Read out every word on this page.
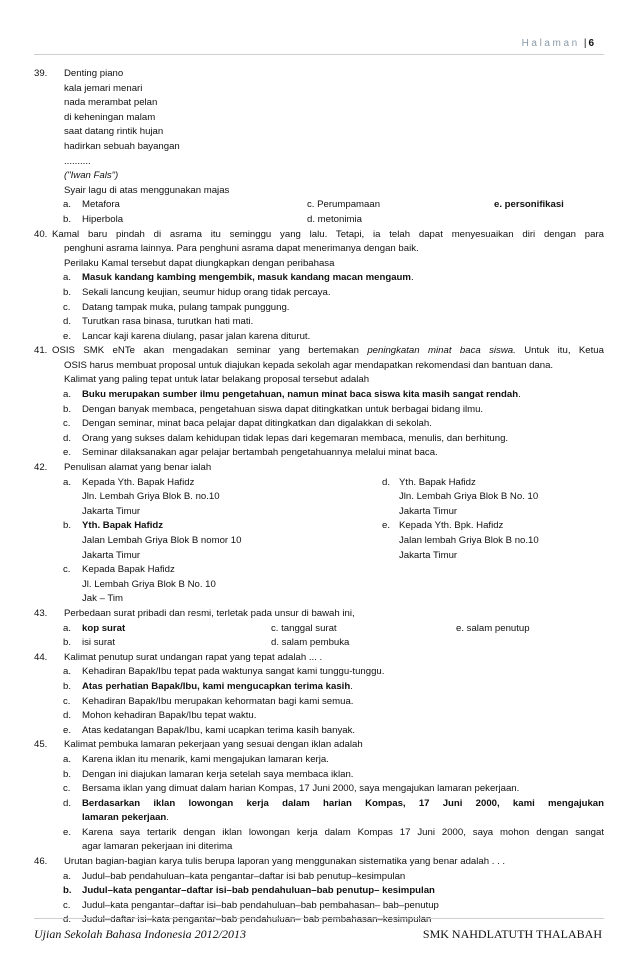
Halaman | 6
39. Denting piano
kala jemari menari
nada merambat pelan
di keheningan malam
saat datang rintik hujan
hadirkan sebuah bayangan
..........
("Iwan Fals")
Syair lagu di atas menggunakan majas
a. Metafora	c. Perumpamaan	e. personifikasi
b. Hiperbola	d. metonimia
40. Kamal baru pindah di asrama itu seminggu yang lalu. Tetapi, ia telah dapat menyesuaikan diri dengan para
penghuni asrama lainnya. Para penghuni asrama dapat menerimanya dengan baik.
Perilaku Kamal tersebut dapat diungkapkan dengan peribahasa
a. Masuk kandang kambing mengembik, masuk kandang macan mengaum.
b. Sekali lancung keujian, seumur hidup orang tidak percaya.
c. Datang tampak muka, pulang tampak punggung.
d. Turutkan rasa binasa, turutkan hati mati.
e. Lancar kaji karena diulang, pasar jalan karena diturut.
41. OSIS SMK eNTe akan mengadakan seminar yang bertemakan peningkatan minat baca siswa. Untuk itu, Ketua
OSIS harus membuat proposal untuk diajukan kepada sekolah agar mendapatkan rekomendasi dan bantuan dana.
Kalimat yang paling tepat untuk latar belakang proposal tersebut adalah
a. Buku merupakan sumber ilmu pengetahuan, namun minat baca siswa kita masih sangat rendah.
b. Dengan banyak membaca, pengetahuan siswa dapat ditingkatkan untuk berbagai bidang ilmu.
c. Dengan seminar, minat baca pelajar dapat ditingkatkan dan digalakkan di sekolah.
d. Orang yang sukses dalam kehidupan tidak lepas dari kegemaran membaca, menulis, dan berhitung.
e. Seminar dilaksanakan agar pelajar bertambah pengetahuannya melalui minat baca.
42. Penulisan alamat yang benar ialah
a. Kepada Yth. Bapak Hafidz	d. Yth. Bapak Hafidz
Jln. Lembah Griya Blok B. no.10	Jln. Lembah Griya Blok B No. 10
Jakarta Timur	Jakarta Timur
b. Yth. Bapak Hafidz	e. Kepada Yth. Bpk. Hafidz
Jalan Lembah Griya Blok B nomor 10	Jalan lembah Griya Blok B no.10
Jakarta Timur	Jakarta Timur
c. Kepada Bapak Hafidz
Jl. Lembah Griya Blok B No. 10
Jak – Tim
43. Perbedaan surat pribadi dan resmi, terletak pada unsur di bawah ini,
a. kop surat	c. tanggal surat	e. salam penutup
b. isi surat	d. salam pembuka
44. Kalimat penutup surat undangan rapat yang tepat adalah ... .
a. Kehadiran Bapak/Ibu tepat pada waktunya sangat kami tunggu-tunggu.
b. Atas perhatian Bapak/Ibu, kami mengucapkan terima kasih.
c. Kehadiran Bapak/Ibu merupakan kehormatan bagi kami semua.
d. Mohon kehadiran Bapak/Ibu tepat waktu.
e. Atas kedatangan Bapak/Ibu, kami ucapkan terima kasih banyak.
45. Kalimat pembuka lamaran pekerjaan yang sesuai dengan iklan adalah
a. Karena iklan itu menarik, kami mengajukan lamaran kerja.
b. Dengan ini diajukan lamaran kerja setelah saya membaca iklan.
c. Bersama iklan yang dimuat dalam harian Kompas, 17 Juni 2000, saya mengajukan lamaran pekerjaan.
d. Berdasarkan iklan lowongan kerja dalam harian Kompas, 17 Juni 2000, kami mengajukan
lamaran pekerjaan.
e. Karena saya tertarik dengan iklan lowongan kerja dalam Kompas 17 Juni 2000, saya mohon dengan sangat
agar lamaran pekerjaan ini diterima
46. Urutan bagian-bagian karya tulis berupa laporan yang menggunakan sistematika yang benar adalah . . .
a. Judul–bab pendahuluan–kata pengantar–daftar isi bab penutup–kesimpulan
b. Judul–kata pengantar–daftar isi–bab pendahuluan–bab penutup– kesimpulan
c. Judul–kata pengantar–daftar isi–bab pendahuluan–bab pembahasan– bab–penutup
d. Judul–daftar isi–kata pengantar–bab pendahuluan– bab pembahasan–kesimpulan
Ujian Sekolah Bahasa Indonesia 2012/2013	SMK NAHDLATUTH THALABAH
